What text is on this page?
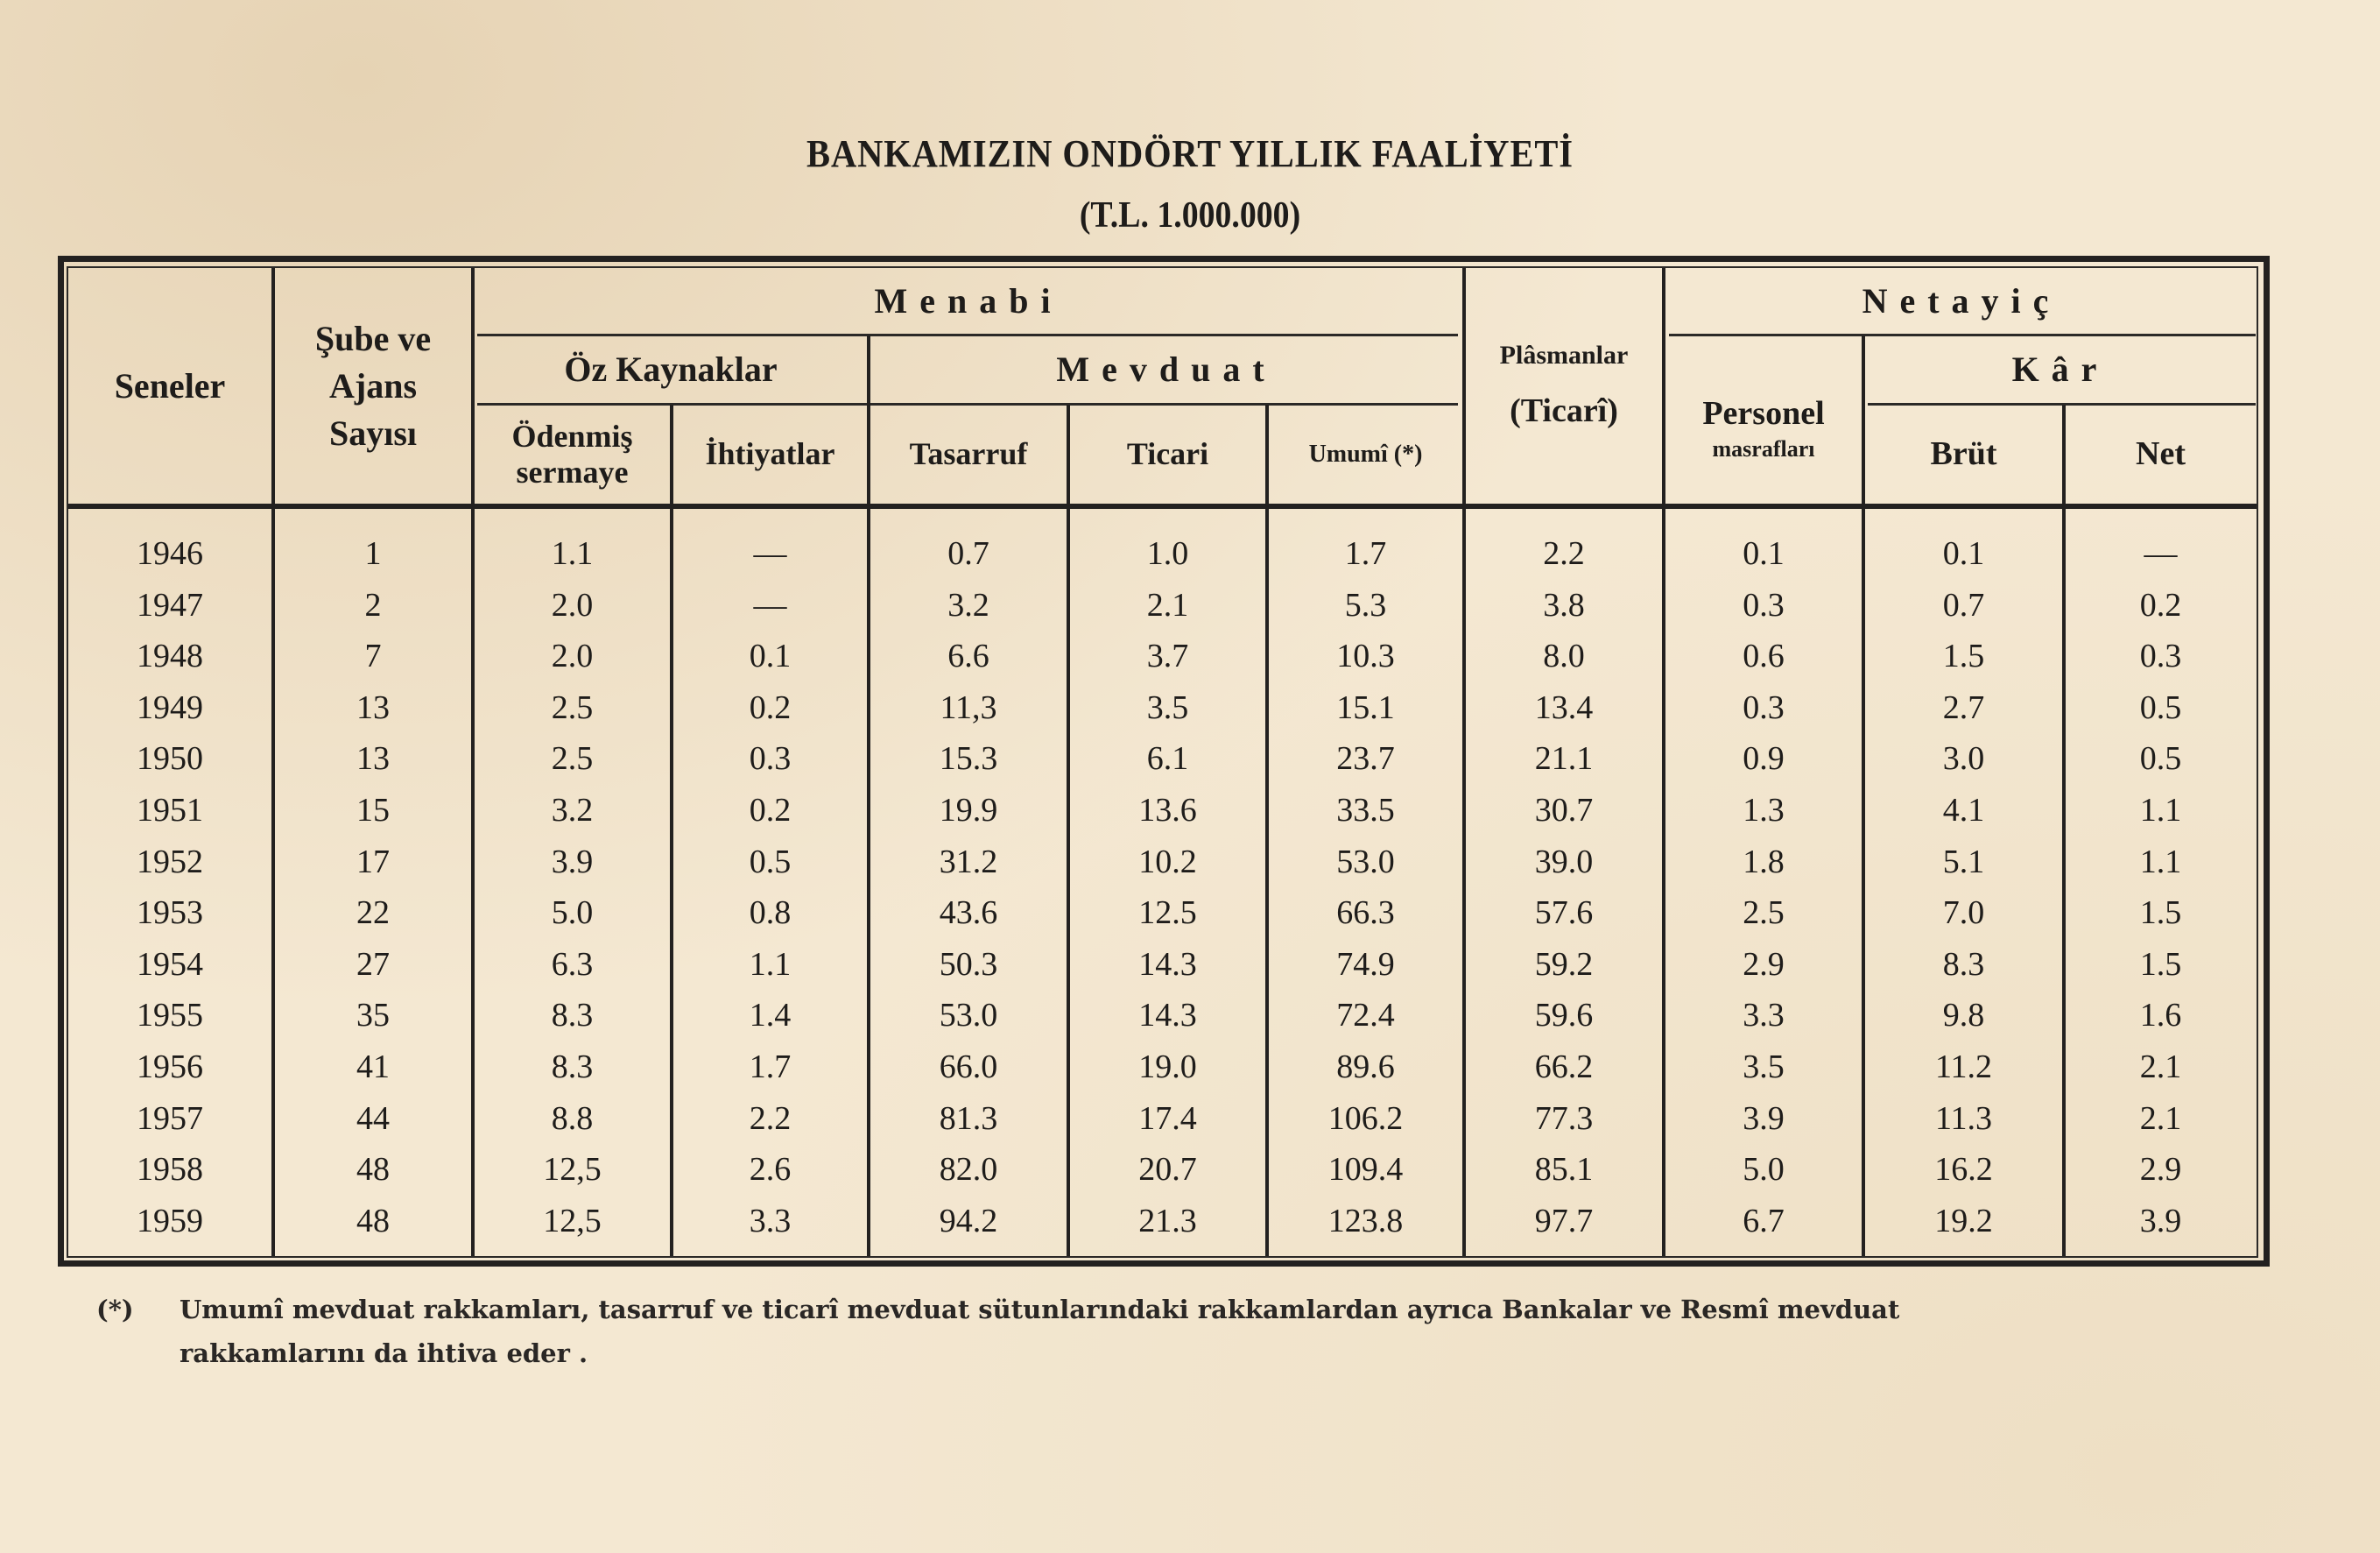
BANKAMIZIN ONDÖRT YILLIK FAALİYETİ
(T.L. 1.000.000)
Seneler
Şube ve
Ajans
Sayısı
Menabi
Öz Kaynaklar	Mevduat
Ödenmiş
sermaye
İhtiyatlar	Tasarruf	Ticari	Umumî (*)
Plâsmanlar
(Ticarî)
Netayiç
Personel
masrafları
Kâr
Brüt	Net
1946	1	1.1	—	0.7	1.0	1.7	2.2	0.1	0.1	—
1947	2	2.0	—	3.2	2.1	5.3	3.8	0.3	0.7	0.2
1948	7	2.0	0.1	6.6	3.7	10.3	8.0	0.6	1.5	0.3
1949	13	2.5	0.2	11,3	3.5	15.1	13.4	0.3	2.7	0.5
1950	13	2.5	0.3	15.3	6.1	23.7	21.1	0.9	3.0	0.5
1951	15	3.2	0.2	19.9	13.6	33.5	30.7	1.3	4.1	1.1
1952	17	3.9	0.5	31.2	10.2	53.0	39.0	1.8	5.1	1.1
1953	22	5.0	0.8	43.6	12.5	66.3	57.6	2.5	7.0	1.5
1954	27	6.3	1.1	50.3	14.3	74.9	59.2	2.9	8.3	1.5
1955	35	8.3	1.4	53.0	14.3	72.4	59.6	3.3	9.8	1.6
1956	41	8.3	1.7	66.0	19.0	89.6	66.2	3.5	11.2	2.1
1957	44	8.8	2.2	81.3	17.4	106.2	77.3	3.9	11.3	2.1
1958	48	12,5	2.6	82.0	20.7	109.4	85.1	5.0	16.2	2.9
1959	48	12,5	3.3	94.2	21.3	123.8	97.7	6.7	19.2	3.9
(*) Umumî mevduat rakkamları, tasarruf ve ticarî mevduat sütunlarındaki rakkamlardan ayrıca Bankalar ve Resmî mevduat rakkamlarını da ihtiva eder .
